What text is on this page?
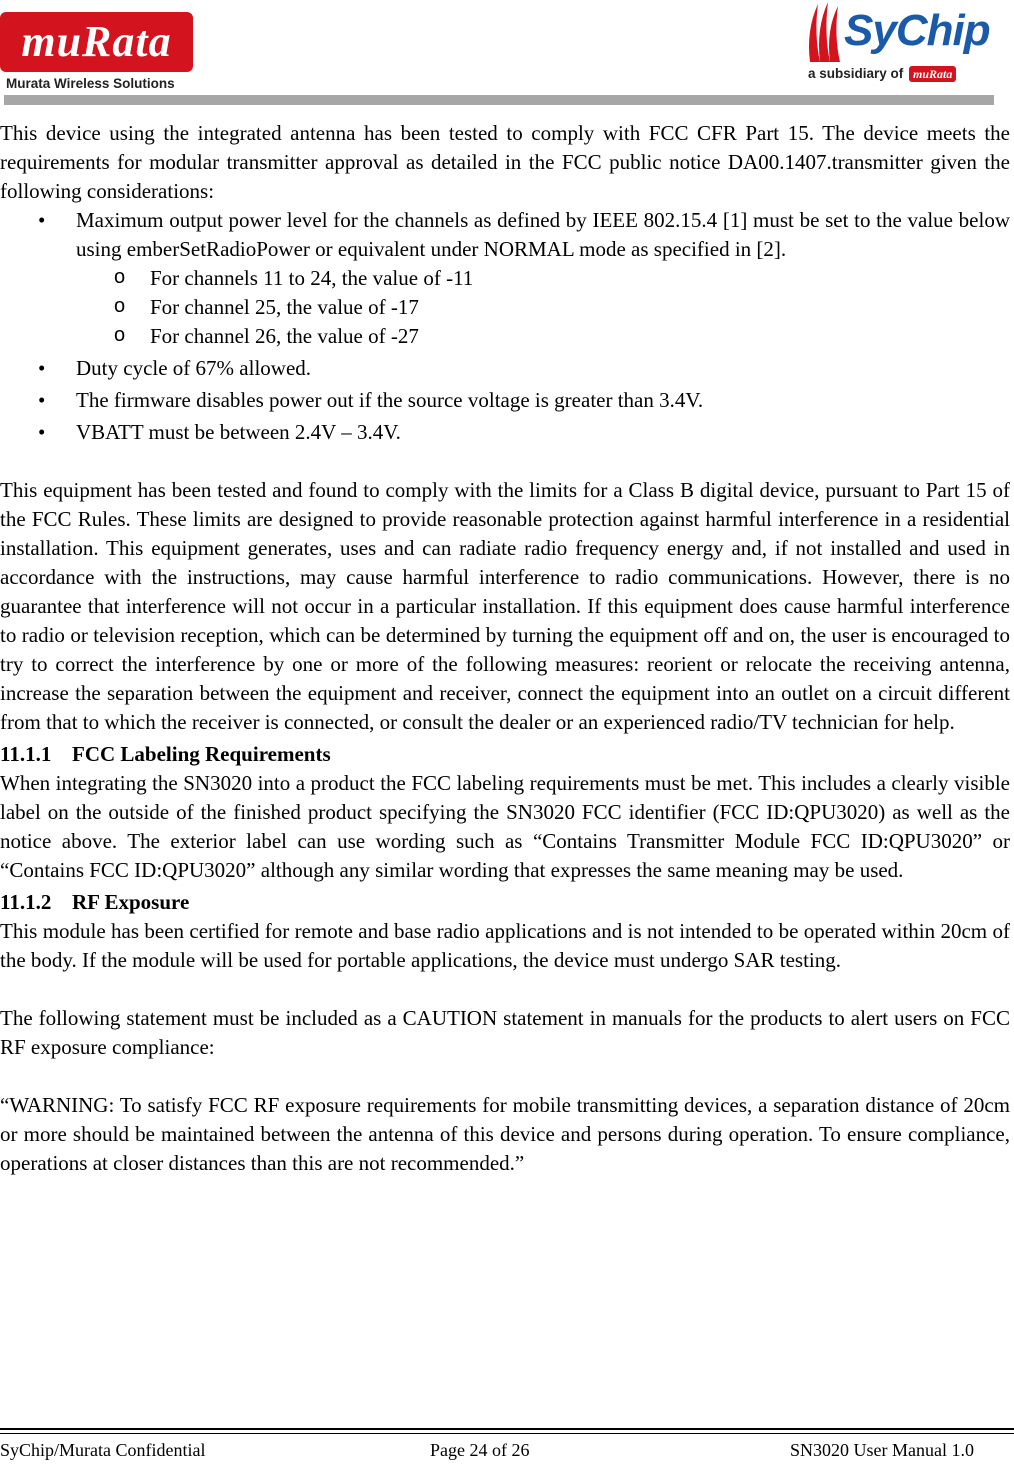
muRata
Murata Wireless Solutions
SyChip
a subsidiary of muRata

This device using the integrated antenna has been tested to comply with FCC CFR Part 15. The device meets the requirements for modular transmitter approval as detailed in the FCC public notice DA00.1407.transmitter given the following considerations:

• Maximum output power level for the channels as defined by IEEE 802.15.4 [1] must be set to the value below using emberSetRadioPower or equivalent under NORMAL mode as specified in [2].
o For channels 11 to 24, the value of -11
o For channel 25, the value of -17
o For channel 26, the value of -27
• Duty cycle of 67% allowed.
• The firmware disables power out if the source voltage is greater than 3.4V.
• VBATT must be between 2.4V – 3.4V.

This equipment has been tested and found to comply with the limits for a Class B digital device, pursuant to Part 15 of the FCC Rules. These limits are designed to provide reasonable protection against harmful interference in a residential installation. This equipment generates, uses and can radiate radio frequency energy and, if not installed and used in accordance with the instructions, may cause harmful interference to radio communications. However, there is no guarantee that interference will not occur in a particular installation. If this equipment does cause harmful interference to radio or television reception, which can be determined by turning the equipment off and on, the user is encouraged to try to correct the interference by one or more of the following measures: reorient or relocate the receiving antenna, increase the separation between the equipment and receiver, connect the equipment into an outlet on a circuit different from that to which the receiver is connected, or consult the dealer or an experienced radio/TV technician for help.

11.1.1 FCC Labeling Requirements

When integrating the SN3020 into a product the FCC labeling requirements must be met. This includes a clearly visible label on the outside of the finished product specifying the SN3020 FCC identifier (FCC ID:QPU3020) as well as the notice above. The exterior label can use wording such as “Contains Transmitter Module FCC ID:QPU3020” or “Contains FCC ID:QPU3020” although any similar wording that expresses the same meaning may be used.

11.1.2 RF Exposure

This module has been certified for remote and base radio applications and is not intended to be operated within 20cm of the body. If the module will be used for portable applications, the device must undergo SAR testing.

The following statement must be included as a CAUTION statement in manuals for the products to alert users on FCC RF exposure compliance:

“WARNING: To satisfy FCC RF exposure requirements for mobile transmitting devices, a separation distance of 20cm or more should be maintained between the antenna of this device and persons during operation. To ensure compliance, operations at closer distances than this are not recommended.”

SyChip/Murata Confidential	Page 24 of 26	SN3020 User Manual 1.0
